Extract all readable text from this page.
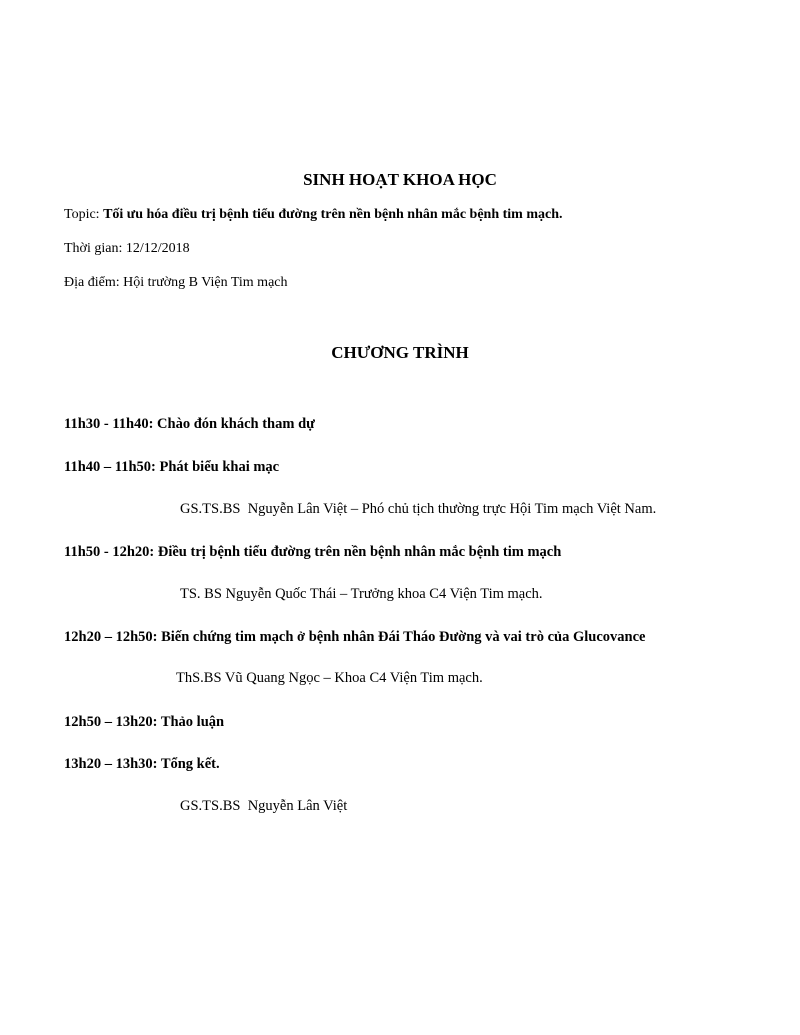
SINH HOẠT KHOA HỌC
Topic: Tối ưu hóa điều trị bệnh tiểu đường trên nền bệnh nhân mắc bệnh tim mạch.
Thời gian: 12/12/2018
Địa điểm: Hội trường B Viện Tim mạch
CHƯƠNG TRÌNH
11h30 - 11h40: Chào đón khách tham dự
11h40 – 11h50: Phát biểu khai mạc
GS.TS.BS  Nguyễn Lân Việt – Phó chủ tịch thường trực Hội Tim mạch Việt Nam.
11h50 - 12h20: Điều trị bệnh tiểu đường trên nền bệnh nhân mắc bệnh tim mạch
TS. BS Nguyễn Quốc Thái – Trưởng khoa C4 Viện Tim mạch.
12h20 – 12h50: Biến chứng tim mạch ở bệnh nhân Đái Tháo Đường và vai trò của Glucovance
ThS.BS Vũ Quang Ngọc – Khoa C4 Viện Tim mạch.
12h50 – 13h20: Thảo luận
13h20 – 13h30: Tổng kết.
GS.TS.BS  Nguyễn Lân Việt
